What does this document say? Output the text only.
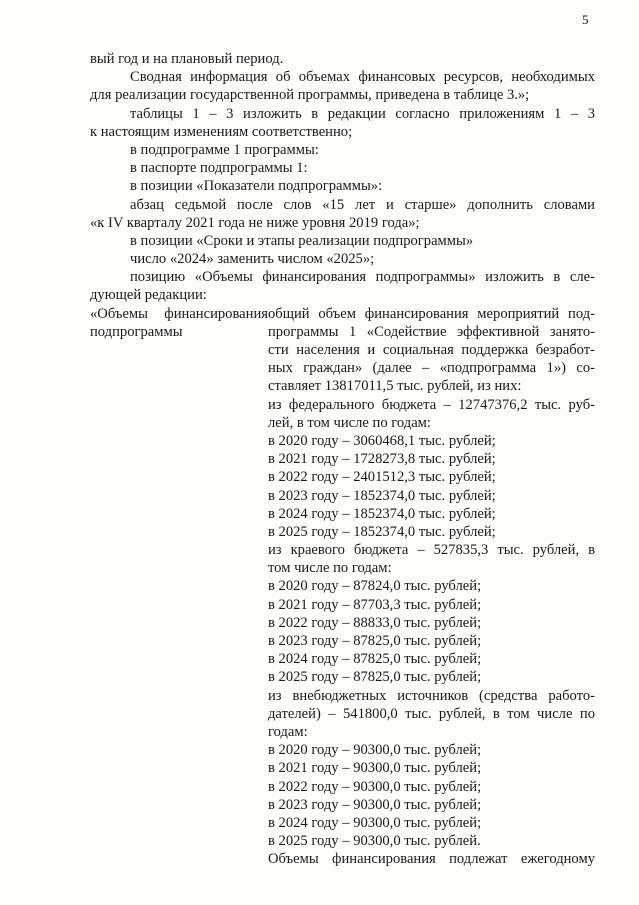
5
вый год и на плановый период.
Сводная информация об объемах финансовых ресурсов, необходимых
для реализации государственной программы, приведена в таблице 3.»;
таблицы 1 – 3 изложить в редакции согласно приложениям 1 – 3
к настоящим изменениям соответственно;
в подпрограмме 1 программы:
в паспорте подпрограммы 1:
в позиции «Показатели подпрограммы»:
абзац седьмой после слов «15 лет и старше» дополнить словами
«к IV кварталу 2021 года не ниже уровня 2019 года»;
в позиции «Сроки и этапы реализации подпрограммы»
число «2024» заменить числом «2025»;
позицию «Объемы финансирования подпрограммы» изложить в сле-
дующей редакции:
«Объемы финансирования
подпрограммы
общий объем финансирования мероприятий под-
программы 1 «Содействие эффективной занято-
сти населения и социальная поддержка безработ-
ных граждан» (далее – «подпрограмма 1») со-
ставляет 13817011,5 тыс. рублей, из них:
из федерального бюджета – 12747376,2 тыс. руб-
лей, в том числе по годам:
в 2020 году – 3060468,1 тыс. рублей;
в 2021 году – 1728273,8 тыс. рублей;
в 2022 году – 2401512,3 тыс. рублей;
в 2023 году – 1852374,0 тыс. рублей;
в 2024 году – 1852374,0 тыс. рублей;
в 2025 году – 1852374,0 тыс. рублей;
из краевого бюджета – 527835,3 тыс. рублей, в
том числе по годам:
в 2020 году – 87824,0 тыс. рублей;
в 2021 году – 87703,3 тыс. рублей;
в 2022 году – 88833,0 тыс. рублей;
в 2023 году – 87825,0 тыс. рублей;
в 2024 году – 87825,0 тыс. рублей;
в 2025 году – 87825,0 тыс. рублей;
из внебюджетных источников (средства работо-
дателей) – 541800,0 тыс. рублей, в том числе по
годам:
в 2020 году – 90300,0 тыс. рублей;
в 2021 году – 90300,0 тыс. рублей;
в 2022 году – 90300,0 тыс. рублей;
в 2023 году – 90300,0 тыс. рублей;
в 2024 году – 90300,0 тыс. рублей;
в 2025 году – 90300,0 тыс. рублей.
Объемы финансирования подлежат ежегодному
